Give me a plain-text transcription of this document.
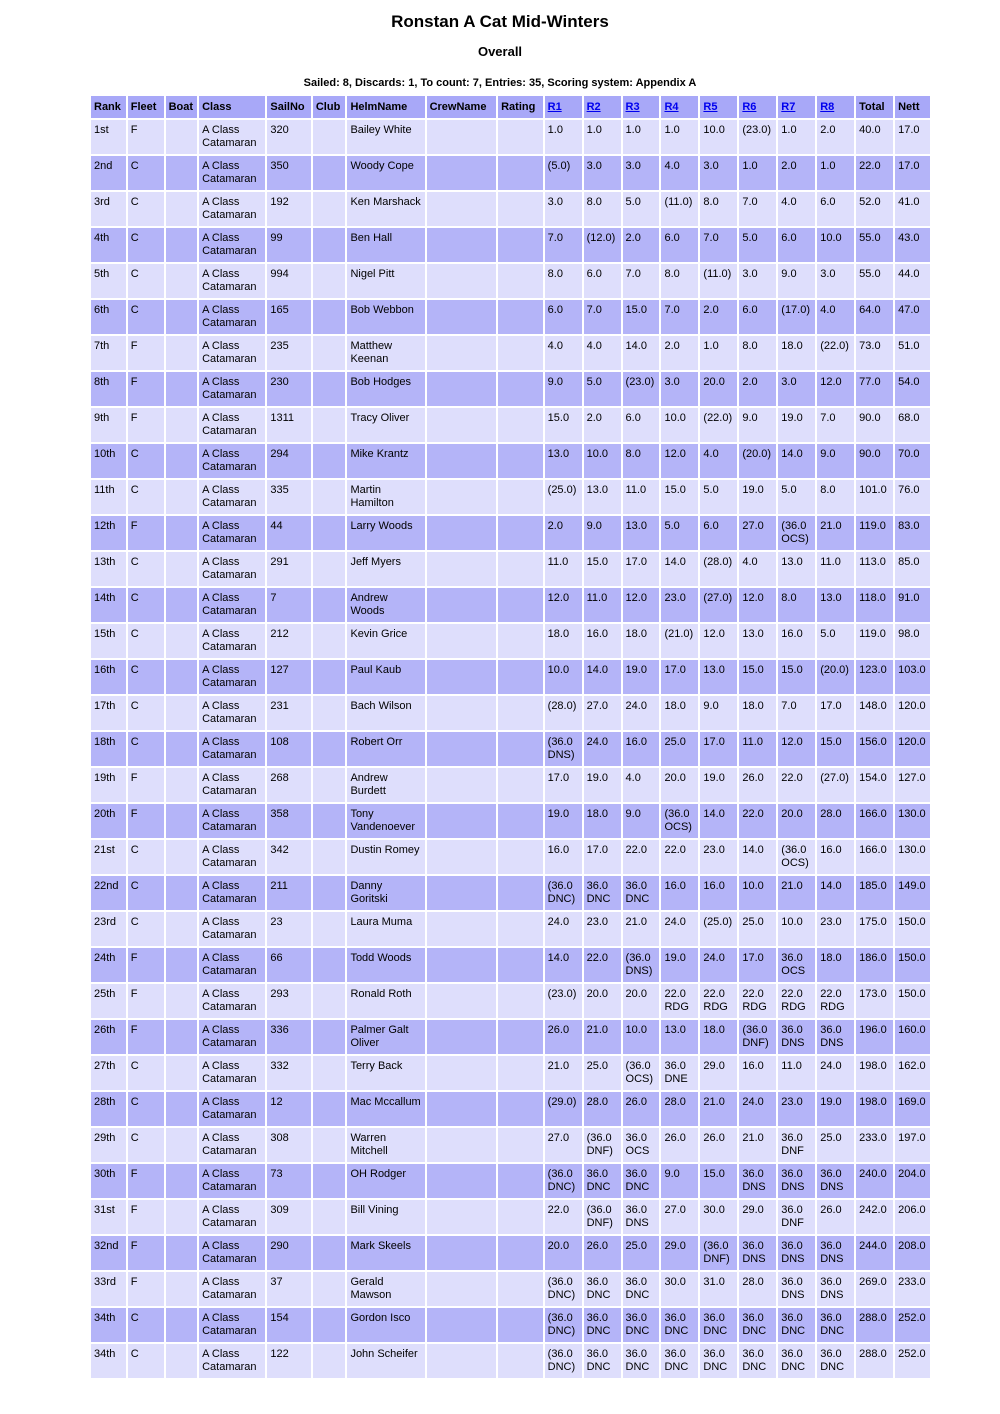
Ronstan A Cat Mid-Winters
Overall
Sailed: 8, Discards: 1, To count: 7, Entries: 35, Scoring system: Appendix A
Rank	Fleet	Boat	Class	SailNo	Club	HelmName	CrewName	Rating	R1	R2	R3	R4	R5	R6	R7	R8	Total	Nett
1st	F		A Class Catamaran	320		Bailey White			1.0	1.0	1.0	1.0	10.0	(23.0)	1.0	2.0	40.0	17.0
2nd	C		A Class Catamaran	350		Woody Cope			(5.0)	3.0	3.0	4.0	3.0	1.0	2.0	1.0	22.0	17.0
3rd	C		A Class Catamaran	192		Ken Marshack			3.0	8.0	5.0	(11.0)	8.0	7.0	4.0	6.0	52.0	41.0
4th	C		A Class Catamaran	99		Ben Hall			7.0	(12.0)	2.0	6.0	7.0	5.0	6.0	10.0	55.0	43.0
5th	C		A Class Catamaran	994		Nigel Pitt			8.0	6.0	7.0	8.0	(11.0)	3.0	9.0	3.0	55.0	44.0
6th	C		A Class Catamaran	165		Bob Webbon			6.0	7.0	15.0	7.0	2.0	6.0	(17.0)	4.0	64.0	47.0
7th	F		A Class Catamaran	235		Matthew Keenan			4.0	4.0	14.0	2.0	1.0	8.0	18.0	(22.0)	73.0	51.0
8th	F		A Class Catamaran	230		Bob Hodges			9.0	5.0	(23.0)	3.0	20.0	2.0	3.0	12.0	77.0	54.0
9th	F		A Class Catamaran	1311		Tracy Oliver			15.0	2.0	6.0	10.0	(22.0)	9.0	19.0	7.0	90.0	68.0
10th	C		A Class Catamaran	294		Mike Krantz			13.0	10.0	8.0	12.0	4.0	(20.0)	14.0	9.0	90.0	70.0
11th	C		A Class Catamaran	335		Martin Hamilton			(25.0)	13.0	11.0	15.0	5.0	19.0	5.0	8.0	101.0	76.0
12th	F		A Class Catamaran	44		Larry Woods			2.0	9.0	13.0	5.0	6.0	27.0	(36.0 OCS)	21.0	119.0	83.0
13th	C		A Class Catamaran	291		Jeff Myers			11.0	15.0	17.0	14.0	(28.0)	4.0	13.0	11.0	113.0	85.0
14th	C		A Class Catamaran	7		Andrew Woods			12.0	11.0	12.0	23.0	(27.0)	12.0	8.0	13.0	118.0	91.0
15th	C		A Class Catamaran	212		Kevin Grice			18.0	16.0	18.0	(21.0)	12.0	13.0	16.0	5.0	119.0	98.0
16th	C		A Class Catamaran	127		Paul Kaub			10.0	14.0	19.0	17.0	13.0	15.0	15.0	(20.0)	123.0	103.0
17th	C		A Class Catamaran	231		Bach Wilson			(28.0)	27.0	24.0	18.0	9.0	18.0	7.0	17.0	148.0	120.0
18th	C		A Class Catamaran	108		Robert Orr			(36.0 DNS)	24.0	16.0	25.0	17.0	11.0	12.0	15.0	156.0	120.0
19th	F		A Class Catamaran	268		Andrew Burdett			17.0	19.0	4.0	20.0	19.0	26.0	22.0	(27.0)	154.0	127.0
20th	F		A Class Catamaran	358		Tony Vandenoever			19.0	18.0	9.0	(36.0 OCS)	14.0	22.0	20.0	28.0	166.0	130.0
21st	C		A Class Catamaran	342		Dustin Romey			16.0	17.0	22.0	22.0	23.0	14.0	(36.0 OCS)	16.0	166.0	130.0
22nd	C		A Class Catamaran	211		Danny Goritski			(36.0 DNC)	36.0 DNC	36.0 DNC	16.0	16.0	10.0	21.0	14.0	185.0	149.0
23rd	C		A Class Catamaran	23		Laura Muma			24.0	23.0	21.0	24.0	(25.0)	25.0	10.0	23.0	175.0	150.0
24th	F		A Class Catamaran	66		Todd Woods			14.0	22.0	(36.0 DNS)	19.0	24.0	17.0	36.0 OCS	18.0	186.0	150.0
25th	F		A Class Catamaran	293		Ronald Roth			(23.0)	20.0	20.0	22.0 RDG	22.0 RDG	22.0 RDG	22.0 RDG	22.0 RDG	173.0	150.0
26th	F		A Class Catamaran	336		Palmer Galt Oliver			26.0	21.0	10.0	13.0	18.0	(36.0 DNF)	36.0 DNS	36.0 DNS	196.0	160.0
27th	C		A Class Catamaran	332		Terry Back			21.0	25.0	(36.0 OCS)	36.0 DNE	29.0	16.0	11.0	24.0	198.0	162.0
28th	C		A Class Catamaran	12		Mac Mccallum			(29.0)	28.0	26.0	28.0	21.0	24.0	23.0	19.0	198.0	169.0
29th	C		A Class Catamaran	308		Warren Mitchell			27.0	(36.0 DNF)	36.0 OCS	26.0	26.0	21.0	36.0 DNF	25.0	233.0	197.0
30th	F		A Class Catamaran	73		OH Rodger			(36.0 DNC)	36.0 DNC	36.0 DNC	9.0	15.0	36.0 DNS	36.0 DNS	36.0 DNS	240.0	204.0
31st	F		A Class Catamaran	309		Bill Vining			22.0	(36.0 DNF)	36.0 DNS	27.0	30.0	29.0	36.0 DNF	26.0	242.0	206.0
32nd	F		A Class Catamaran	290		Mark Skeels			20.0	26.0	25.0	29.0	(36.0 DNF)	36.0 DNS	36.0 DNS	36.0 DNS	244.0	208.0
33rd	F		A Class Catamaran	37		Gerald Mawson			(36.0 DNC)	36.0 DNC	36.0 DNC	30.0	31.0	28.0	36.0 DNS	36.0 DNS	269.0	233.0
34th	C		A Class Catamaran	154		Gordon Isco			(36.0 DNC)	36.0 DNC	36.0 DNC	36.0 DNC	36.0 DNC	36.0 DNC	36.0 DNC	36.0 DNC	288.0	252.0
34th	C		A Class Catamaran	122		John Scheifer			(36.0 DNC)	36.0 DNC	36.0 DNC	36.0 DNC	36.0 DNC	36.0 DNC	36.0 DNC	36.0 DNC	288.0	252.0
